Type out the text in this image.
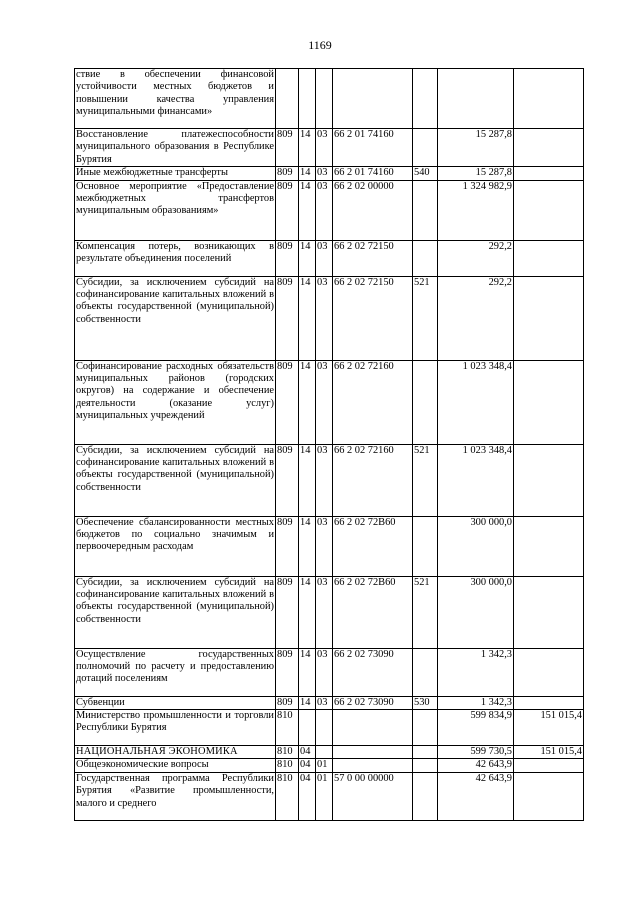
1169
ствие в обеспечении финансовой устойчивости местных бюджетов и повышении качества управления муниципальными финансами»							
Восстановление платежеспособности муниципального образования в Республике Бурятия	809	14	03	66 2 01 74160		15 287,8	
Иные межбюджетные трансферты	809	14	03	66 2 01 74160	540	15 287,8	
Основное мероприятие «Предоставление межбюджетных трансфертов муниципальным образованиям»	809	14	03	66 2 02 00000		1 324 982,9	
Компенсация потерь, возникающих в результате объединения поселений	809	14	03	66 2 02 72150		292,2	
Субсидии, за исключением субсидий на софинансирование капитальных вложений в объекты государственной (муниципальной) собственности	809	14	03	66 2 02 72150	521	292,2	
Софинансирование расходных обязательств муниципальных районов (городских округов) на содержание и обеспечение деятельности (оказание услуг) муниципальных учреждений	809	14	03	66 2 02 72160		1 023 348,4	
Субсидии, за исключением субсидий на софинансирование капитальных вложений в объекты государственной (муниципальной) собственности	809	14	03	66 2 02 72160	521	1 023 348,4	
Обеспечение сбалансированности местных бюджетов по социально значимым и первоочередным расходам	809	14	03	66 2 02 72В60		300 000,0	
Субсидии, за исключением субсидий на софинансирование капитальных вложений в объекты государственной (муниципальной) собственности	809	14	03	66 2 02 72В60	521	300 000,0	
Осуществление государственных полномочий по расчету и предоставлению дотаций поселениям	809	14	03	66 2 02 73090		1 342,3	
Субвенции	809	14	03	66 2 02 73090	530	1 342,3	
Министерство промышленности и торговли Республики Бурятия	810					599 834,9	151 015,4
НАЦИОНАЛЬНАЯ ЭКОНОМИКА	810	04				599 730,5	151 015,4
Общеэкономические вопросы	810	04	01			42 643,9	
Государственная программа Республики Бурятия «Развитие промышленности, малого и среднего	810	04	01	57 0 00 00000		42 643,9	
